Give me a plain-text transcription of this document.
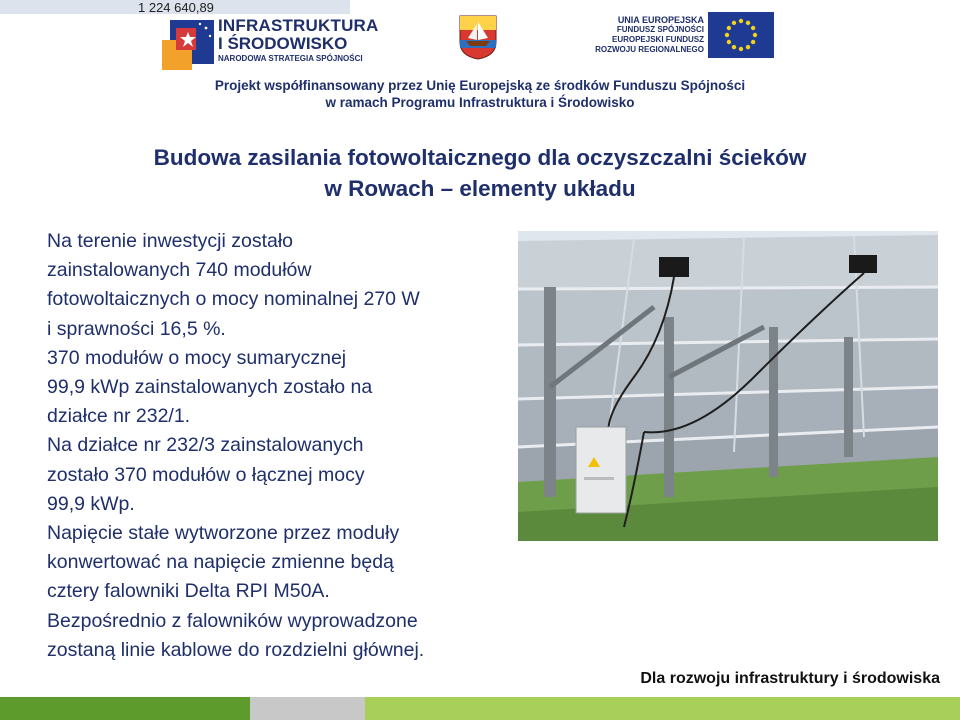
1 224 640,89
INFRASTRUKTURA
I ŚRODOWISKO
NARODOWA STRATEGIA SPÓJNOŚCI
UNIA EUROPEJSKA
FUNDUSZ SPÓJNOŚCI
EUROPEJSKI FUNDUSZ
ROZWOJU REGIONALNEGO
Projekt współfinansowany przez Unię Europejską ze środków Funduszu Spójności
w ramach Programu Infrastruktura i Środowisko
Budowa zasilania fotowoltaicznego dla oczyszczalni ścieków
w Rowach – elementy układu

Na terenie inwestycji zostało
zainstalowanych 740 modułów
fotowoltaicznych o mocy nominalnej 270 W
i sprawności 16,5 %.

370 modułów o mocy sumarycznej
99,9 kWp zainstalowanych zostało na
działce nr 232/1.

Na działce nr 232/3 zainstalowanych
zostało 370 modułów o łącznej mocy
99,9 kWp.

Napięcie stałe wytworzone przez moduły
konwertować na napięcie zmienne będą
cztery falowniki Delta RPI M50A.

Bezpośrednio z falowników wyprowadzone
zostaną linie kablowe do rozdzielni głównej.

Dla rozwoju infrastruktury i środowiska
